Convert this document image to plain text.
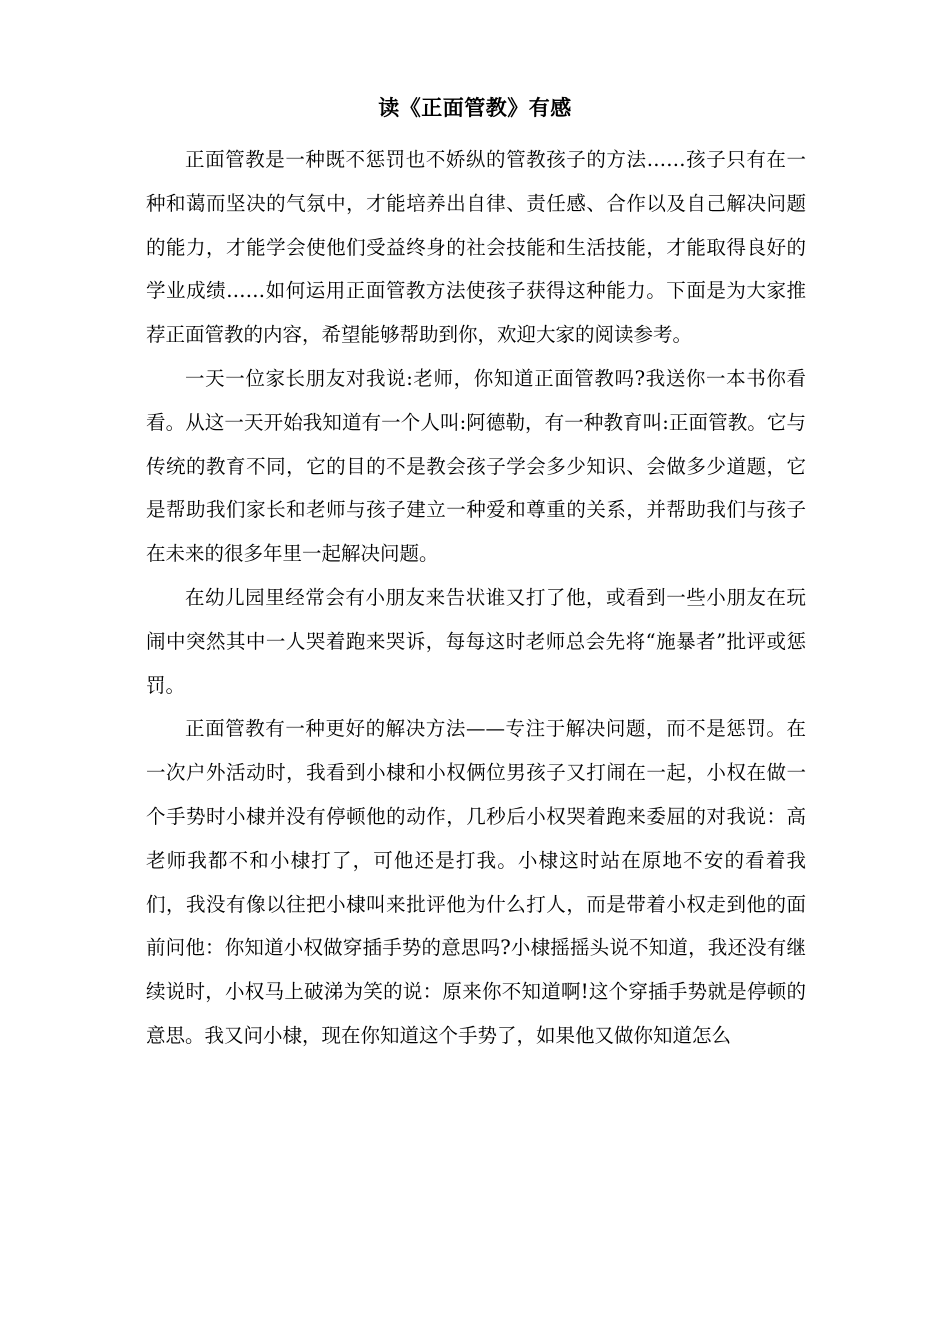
读《正面管教》有感

正面管教是一种既不惩罚也不娇纵的管教孩子的方法……孩子只有在一种和蔼而坚决的气氛中，才能培养出自律、责任感、合作以及自己解决问题的能力，才能学会使他们受益终身的社会技能和生活技能，才能取得良好的学业成绩……如何运用正面管教方法使孩子获得这种能力。下面是为大家推荐正面管教的内容，希望能够帮助到你，欢迎大家的阅读参考。

一天一位家长朋友对我说:老师，你知道正面管教吗?我送你一本书你看看。从这一天开始我知道有一个人叫:阿德勒，有一种教育叫:正面管教。它与传统的教育不同，它的目的不是教会孩子学会多少知识、会做多少道题，它是帮助我们家长和老师与孩子建立一种爱和尊重的关系，并帮助我们与孩子在未来的很多年里一起解决问题。

在幼儿园里经常会有小朋友来告状谁又打了他，或看到一些小朋友在玩闹中突然其中一人哭着跑来哭诉，每每这时老师总会先将“施暴者”批评或惩罚。

正面管教有一种更好的解决方法——专注于解决问题，而不是惩罚。在一次户外活动时，我看到小棣和小权俩位男孩子又打闹在一起，小权在做一个手势时小棣并没有停顿他的动作，几秒后小权哭着跑来委屈的对我说：高老师我都不和小棣打了，可他还是打我。小棣这时站在原地不安的看着我们，我没有像以往把小棣叫来批评他为什么打人，而是带着小权走到他的面前问他：你知道小权做穿插手势的意思吗?小棣摇摇头说不知道，我还没有继续说时，小权马上破涕为笑的说：原来你不知道啊!这个穿插手势就是停顿的意思。我又问小棣，现在你知道这个手势了，如果他又做你知道怎么
